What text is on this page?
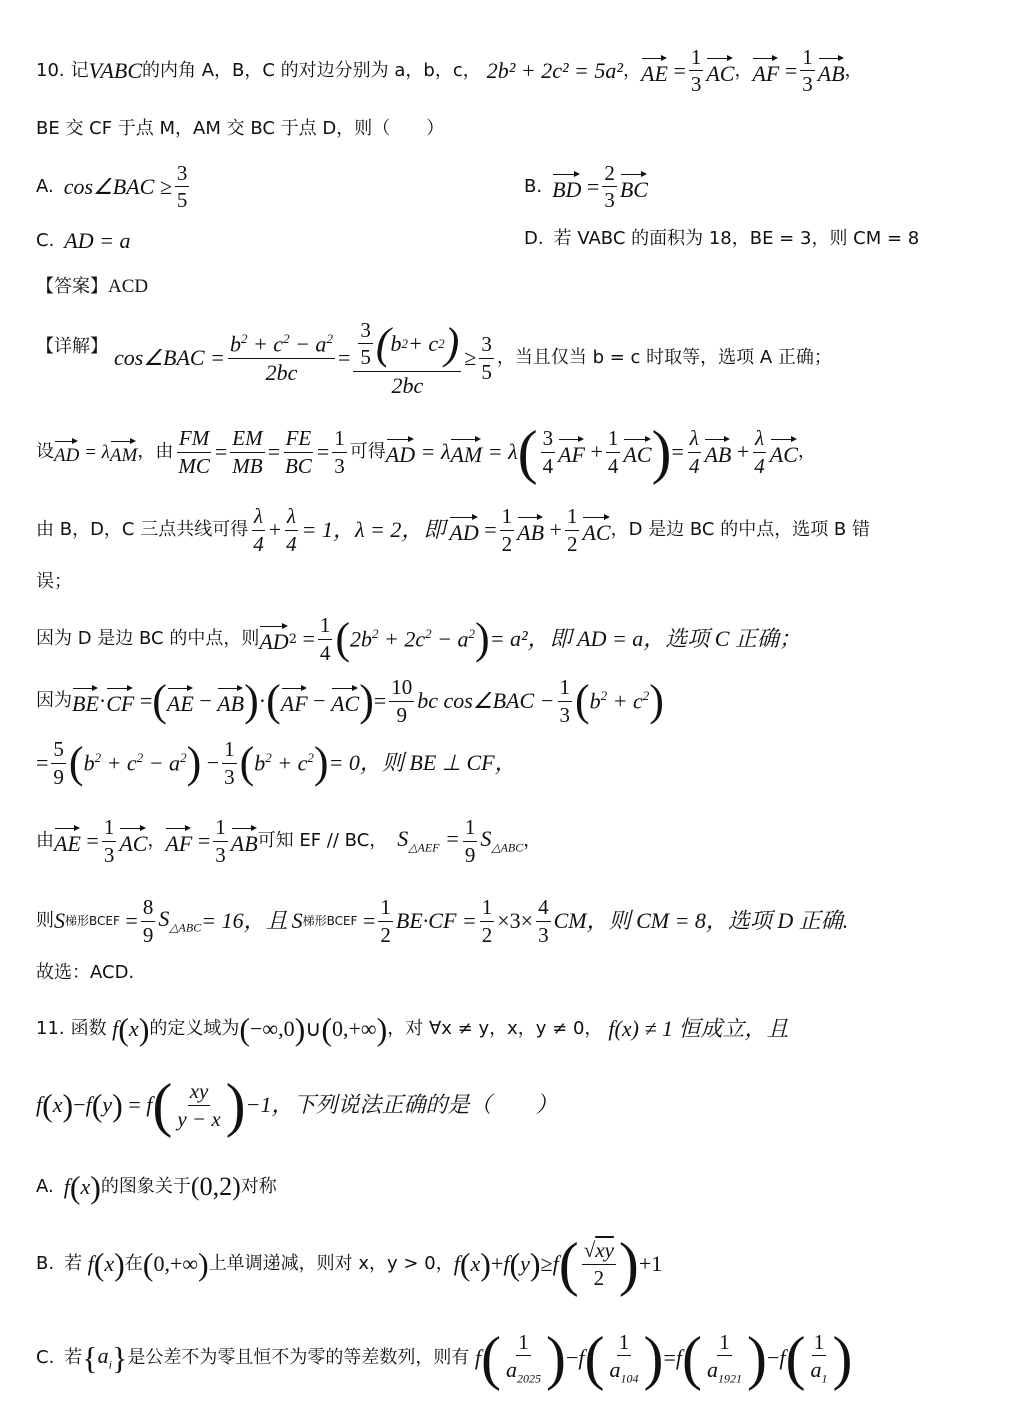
10. 记 VABC 的内角 A，B，C 的对边分别为 a，b，c， 2b² + 2c² = 5a² ， AE = $\frac{1}{3}$ AC ， AF = $\frac{1}{3}$ AB ，
BE 交 CF 于点 M，AM 交 BC 于点 D，则（　　）
A. cos∠BAC ≥ $\frac{3}{5}$	B. BD = $\frac{2}{3}$ BC
C. AD = a	D. 若 VABC 的面积为 18，BE = 3，则 CM = 8
【答案】 ACD
【详解】 cos∠BAC = $\frac{b^2 + c^2 - a^2}{2bc} = \frac{\frac{3}{5} ( b 2 + c 2 )}{2bc} \ge \frac{3}{5}$ ，当且仅当 b = c 时取等，选项 A 正确；
设 AD = λ AM ，由 $\frac{FM}{MC} = \frac{EM}{MB} = \frac{FE}{BC} = \frac{1}{3}$ 可得 AD = λ AM = λ ( $\frac{3}{4}$ AF + $\frac{1}{4}$ AC ) = $\frac{\lambda}{4}$ AB + $\frac{\lambda}{4}$ AC ，
由 B，D，C 三点共线可得 $\frac{\lambda}{4} + \frac{\lambda}{4} = 1$，λ = 2，即 AD = $\frac{1}{2}$ AB + $\frac{1}{2}$ AC ，D 是边 BC 的中点，选项 B 错
误；
因为 D 是边 BC 的中点，则 AD $2 = \frac{1}{4}$ ( $2b^2 + 2c^2 - a^2$ ) = a²，即 AD = a，选项 C 正确；
因为 BE · CF = ( AE − AB ) · ( AF − AC ) = $\frac{10}{9}$ bc cos∠BAC − $\frac{1}{3}$ ( $b^2 + c^2$ )
= $\frac{5}{9}$ ( $b^2 + c^2 - a^2$ ) − $\frac{1}{3}$ ( $b^2 + c^2$ ) = 0，则 BE ⊥ CF，
由 AE = $\frac{1}{3}$ AC ， AF = $\frac{1}{3}$ AB 可知 EF // BC， $S_{\triangle AEF} = \frac{1}{9} S_{\triangle ABC}$ ，
则 S 梯形BCEF = $\frac{8}{9} S_{\triangle ABC} = 16$，且 S 梯形BCEF = $\frac{1}{2} BE\cdot CF = \frac{1}{2} \times 3\times \frac{4}{3}$ CM ，则 CM = 8，选项 D 正确.
故选：ACD.
11. 函数 f ( x ) 的定义域为 ( −∞,0 ) ∪ ( 0,+∞ ) ，对 ∀x ≠ y，x，y ≠ 0， f(x) ≠ 1 恒成立，且
f ( x ) − f ( y ) = f ( $\frac{xy}{y - x}$ ) −1，下列说法正确的是（　　）
A. f ( x ) 的图象关于 (0,2) 对称
B. 若 f ( x ) 在 ( 0,+∞ ) 上单调递减，则对 x，y > 0， f ( x ) + f ( y ) ≥ f ( $\frac{√xy}{2}$ ) +1
C. 若 { $a_i$ } 是公差不为零且恒不为零的等差数列，则有 f ( $\frac{1}{a_{2025}}$ ) − f ( $\frac{1}{a_{104}}$ ) = f ( $\frac{1}{a_{1921}}$ ) − f ( $\frac{1}{a_1}$ )
